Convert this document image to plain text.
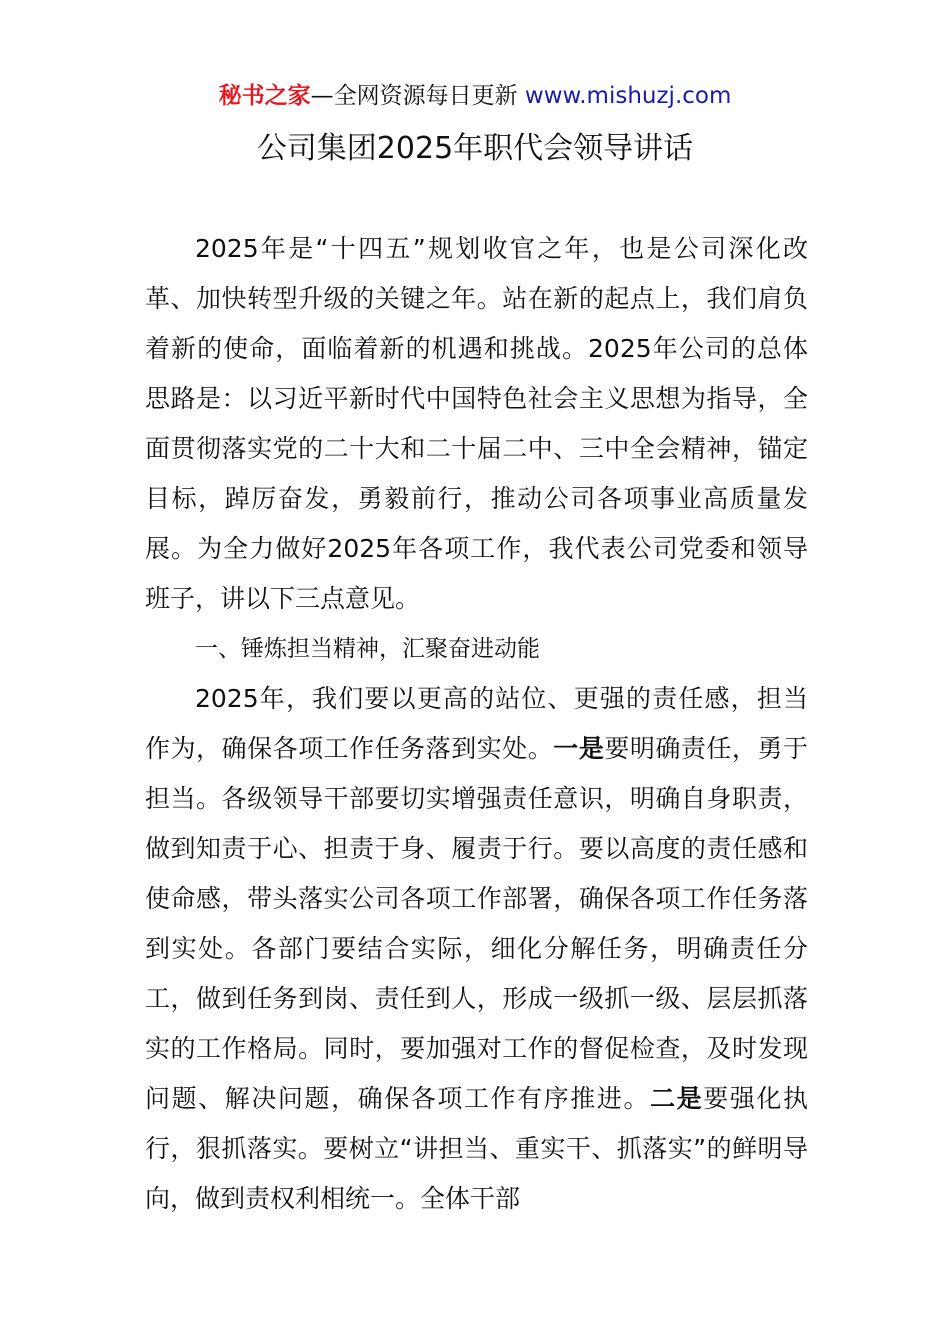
秘书之家—全网资源每日更新 www.mishuzj.com
公司集团2025年职代会领导讲话

2025年是“十四五”规划收官之年，也是公司深化改革、加快转型升级的关键之年。站在新的起点上，我们肩负着新的使命，面临着新的机遇和挑战。2025年公司的总体思路是：以习近平新时代中国特色社会主义思想为指导，全面贯彻落实党的二十大和二十届二中、三中全会精神，锚定目标，踔厉奋发，勇毅前行，推动公司各项事业高质量发展。为全力做好2025年各项工作，我代表公司党委和领导班子，讲以下三点意见。

一、锤炼担当精神，汇聚奋进动能

2025年，我们要以更高的站位、更强的责任感，担当作为，确保各项工作任务落到实处。一是要明确责任，勇于担当。各级领导干部要切实增强责任意识，明确自身职责，做到知责于心、担责于身、履责于行。要以高度的责任感和使命感，带头落实公司各项工作部署，确保各项工作任务落到实处。各部门要结合实际，细化分解任务，明确责任分工，做到任务到岗、责任到人，形成一级抓一级、层层抓落实的工作格局。同时，要加强对工作的督促检查，及时发现问题、解决问题，确保各项工作有序推进。二是要强化执行，狠抓落实。要树立“讲担当、重实干、抓落实”的鲜明导向，做到责权利相统一。全体干部
